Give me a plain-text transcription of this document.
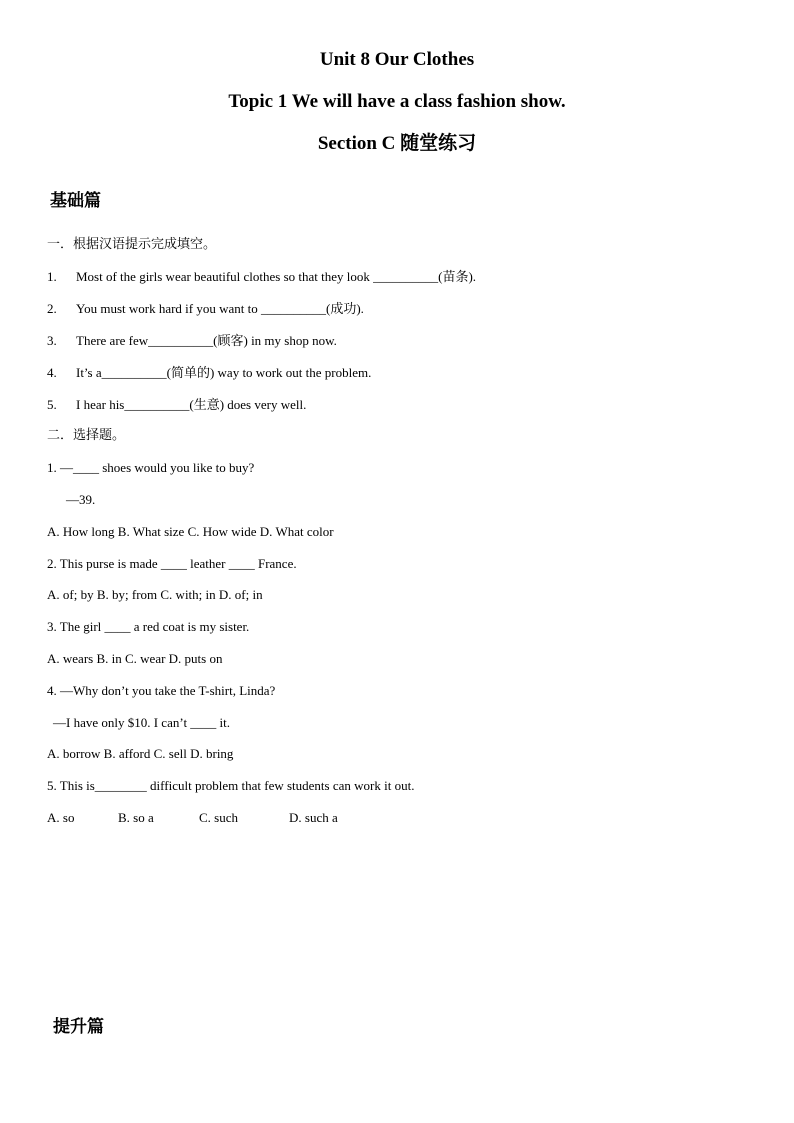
Unit 8 Our Clothes
Topic 1 We will have a class fashion show.
Section C 随堂练习
基础篇
一．根据汉语提示完成填空。
1. Most of the girls wear beautiful clothes so that they look __________(苗条).
2. You must work hard if you want to __________(成功).
3. There are few__________(顾客) in my shop now.
4. It’s a__________(简单的) way to work out the problem.
5. I hear his__________(生意) does very well.
二．选择题。
1. —____ shoes would you like to buy?
—39.
A. How long B. What size C. How wide D. What color
2. This purse is made ____ leather ____ France.
A. of; by B. by; from C. with; in D. of; in
3. The girl ____ a red coat is my sister.
A. wears B. in C. wear D. puts on
4. —Why don’t you take the T-shirt, Linda?
—I have only $10. I can’t ____ it.
A. borrow B. afford C. sell D. bring
5. This is________ difficult problem that few students can work it out.
A. so	B. so a	C. such	D. such a
提升篇
